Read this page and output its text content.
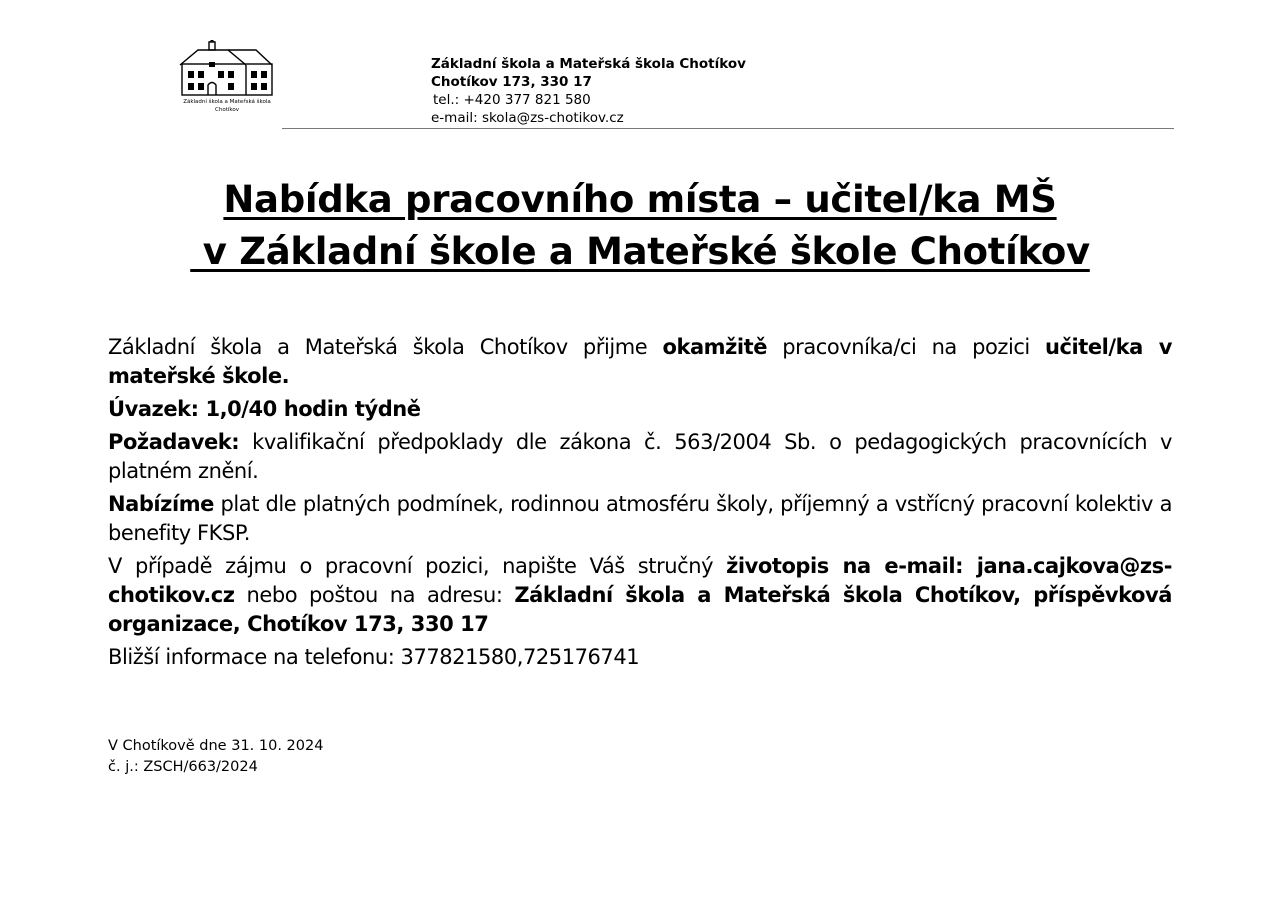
Základní škola a Mateřská škola
Chotíkov
Základní škola a Mateřská škola Chotíkov
Chotíkov 173, 330 17
tel.: +420 377 821 580
e-mail: skola@zs-chotikov.cz
Nabídka pracovního místa – učitel/ka MŠ
v Základní škole a Mateřské škole Chotíkov

Základní škola a Mateřská škola Chotíkov přijme okamžitě pracovníka/ci na pozici učitel/ka v mateřské škole.

Úvazek: 1,0/40 hodin týdně

Požadavek: kvalifikační předpoklady dle zákona č. 563/2004 Sb. o pedagogických pracovnících v platném znění.

Nabízíme plat dle platných podmínek, rodinnou atmosféru školy, příjemný a vstřícný pracovní kolektiv a benefity FKSP.

V případě zájmu o pracovní pozici, napište Váš stručný životopis na e-mail: jana.cajkova@zs-chotikov.cz nebo poštou na adresu: Základní škola a Mateřská škola Chotíkov, příspěvková organizace, Chotíkov 173, 330 17

Bližší informace na telefonu: 377821580,725176741

V Chotíkově dne 31. 10. 2024
č. j.: ZSCH/663/2024
